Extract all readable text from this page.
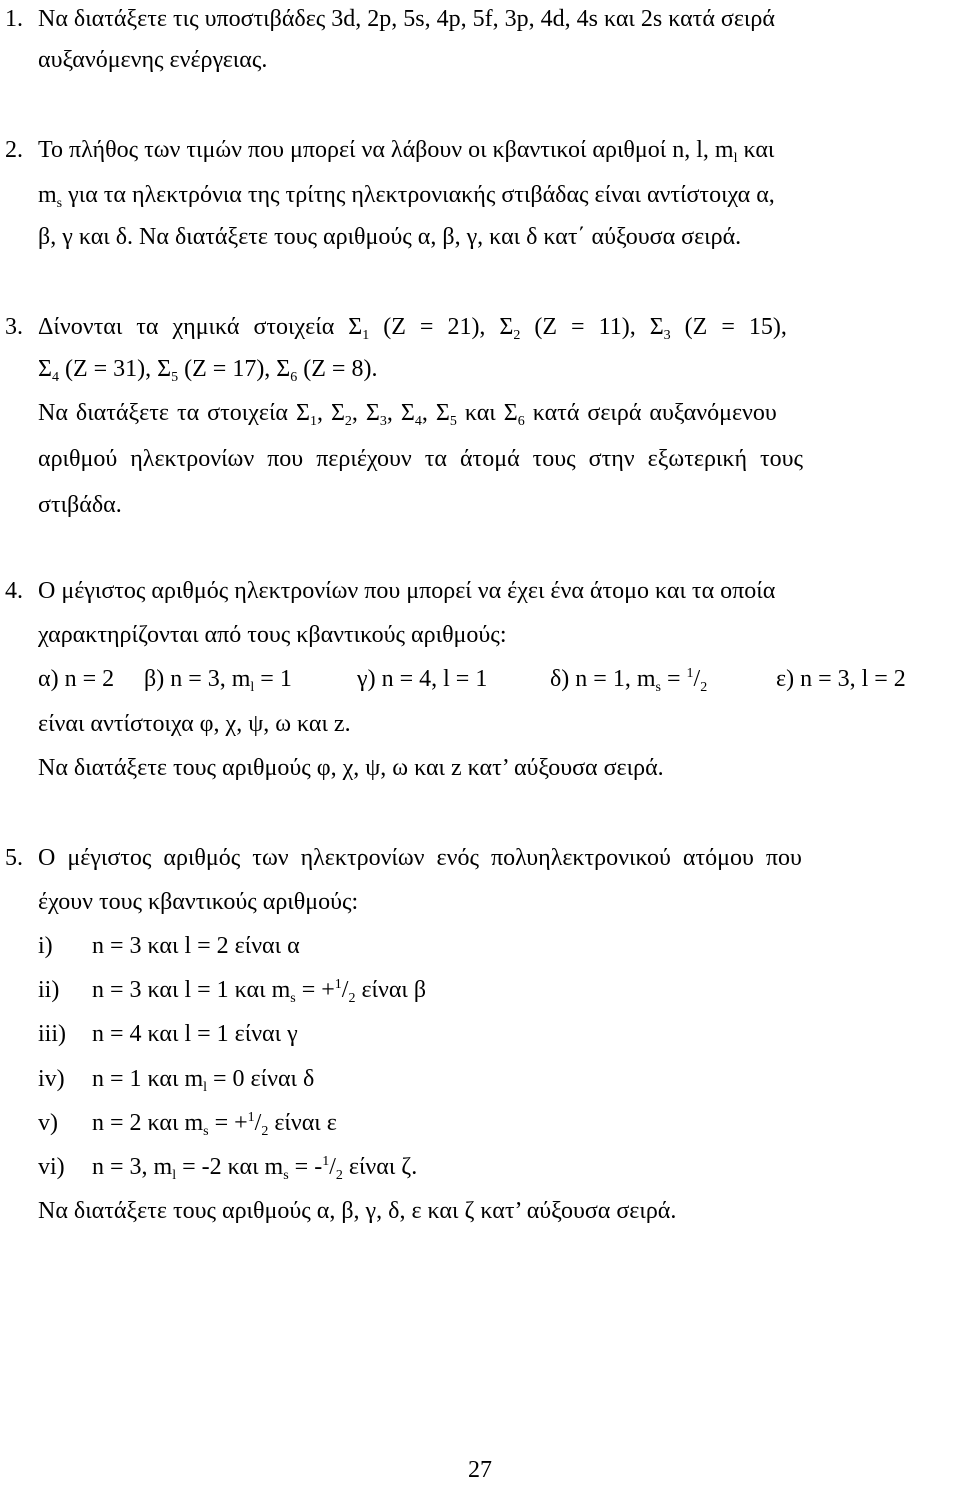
1. Να διατάξετε τις υποστιβάδες 3d, 2p, 5s, 4p, 5f, 3p, 4d, 4s και 2s κατά σειρά
αυξανόμενης ενέργειας.
2. Το πλήθος των τιμών που μπορεί να λάβουν οι κβαντικοί αριθμοί n, l, $m_l$ και
$m_s$ για τα ηλεκτρόνια της τρίτης ηλεκτρονιακής στιβάδας είναι αντίστοιχα α,
β, γ και δ. Να διατάξετε τους αριθμούς α, β, γ, και δ κατ΄ αύξουσα σειρά.
3. Δίνονται τα χημικά στοιχεία $\Sigma_1$ (Z = 21), $\Sigma_2$ (Z = 11), $\Sigma_3$ (Z = 15),
$\Sigma_4$ (Z = 31), $\Sigma_5$ (Z = 17), $\Sigma_6$ (Z = 8).
Να διατάξετε τα στοιχεία $\Sigma_1$, $\Sigma_2$, $\Sigma_3$, $\Sigma_4$, $\Sigma_5$ και $\Sigma_6$ κατά σειρά αυξανόμενου
αριθμού ηλεκτρονίων που περιέχουν τα άτομά τους στην εξωτερική τους
στιβάδα.
4. Ο μέγιστος αριθμός ηλεκτρονίων που μπορεί να έχει ένα άτομο και τα οποία
χαρακτηρίζονται από τους κβαντικούς αριθμούς:
α) n = 2 β) n = 3, $m_l = 1$	γ) n = 4, l = 1	δ) n = 1, $m_s = ^1/_2$	ε) n = 3, l = 2
είναι αντίστοιχα φ, χ, ψ, ω και z.
Να διατάξετε τους αριθμούς φ, χ, ψ, ω και z κατ’ αύξουσα σειρά.
5. Ο μέγιστος αριθμός των ηλεκτρονίων ενός πολυηλεκτρονικού ατόμου που
έχουν τους κβαντικούς αριθμούς:
i) n = 3 και l = 2 είναι α
ii) n = 3 και l = 1 και $m_s = +^1/_2$ είναι β
iii) n = 4 και l = 1 είναι γ
iv) n = 1 και $m_l = 0$ είναι δ
v) n = 2 και $m_s = +^1/_2$ είναι ε
vi) n = 3, $m_l = -2$ και $m_s = -^1/_2$ είναι ζ.
Να διατάξετε τους αριθμούς α, β, γ, δ, ε και ζ κατ’ αύξουσα σειρά.
27
